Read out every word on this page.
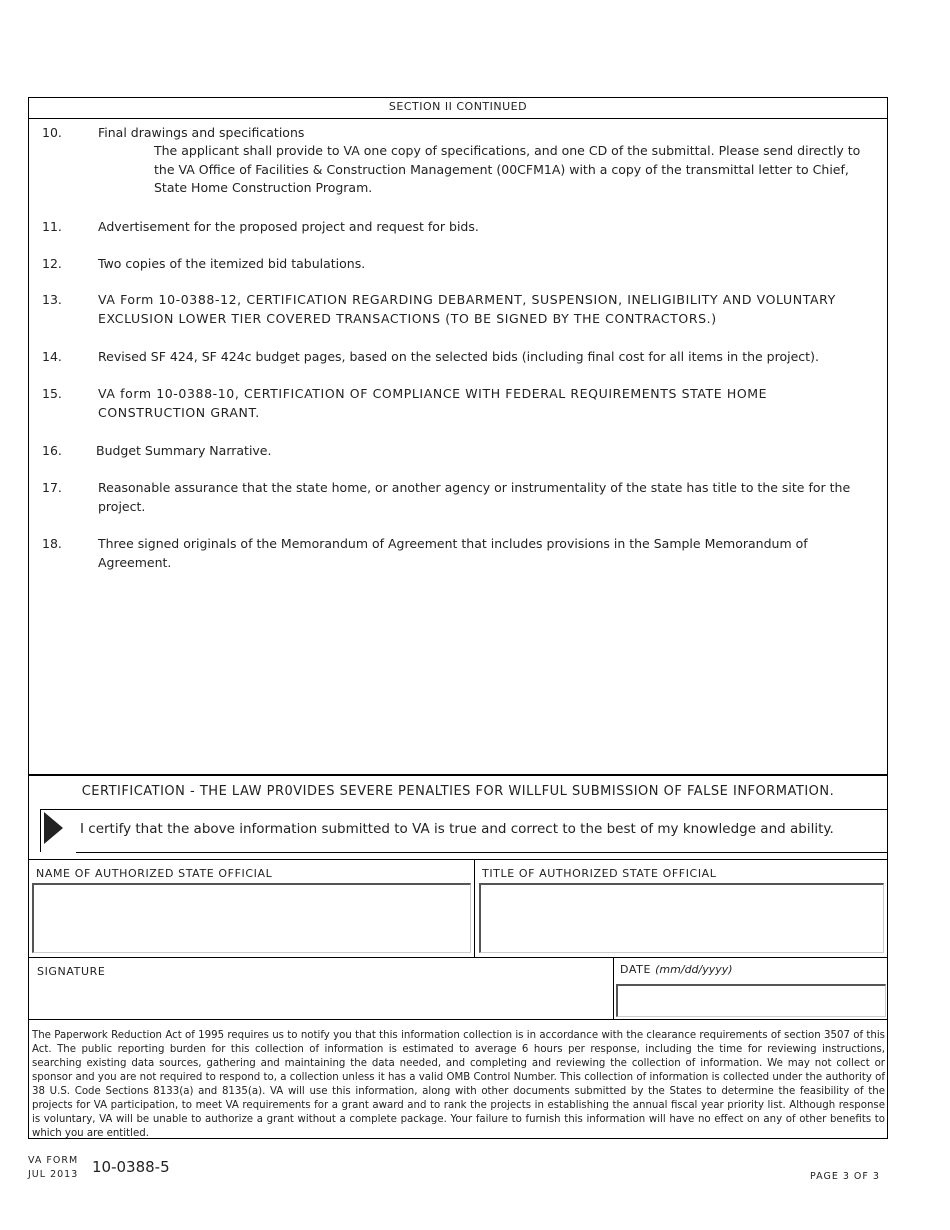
SECTION II CONTINUED
10.	Final drawings and specifications
The applicant shall provide to VA one copy of specifications, and one CD of the submittal. Please send directly to
the VA Office of Facilities & Construction Management (00CFM1A) with a copy of the transmittal letter to Chief,
State Home Construction Program.
11.	Advertisement for the proposed project and request for bids.
12.	Two copies of the itemized bid tabulations.
13.	VA Form 10-0388-12, CERTIFICATION REGARDING DEBARMENT, SUSPENSION, INELIGIBILITY AND VOLUNTARY
EXCLUSION LOWER TIER COVERED TRANSACTIONS (TO BE SIGNED BY THE CONTRACTORS.)
14.	Revised SF 424, SF 424c budget pages, based on the selected bids (including final cost for all items in the project).
15.	VA form 10-0388-10, CERTIFICATION OF COMPLIANCE WITH FEDERAL REQUIREMENTS STATE HOME
CONSTRUCTION GRANT.
16.	Budget Summary Narrative.
17.	Reasonable assurance that the state home, or another agency or instrumentality of the state has title to the site for the
project.
18.	Three signed originals of the Memorandum of Agreement that includes provisions in the Sample Memorandum of Agreement.
CERTIFICATION - THE LAW PR0VIDES SEVERE PENALTIES FOR WILLFUL SUBMISSION OF FALSE INFORMATION.
I certify that the above information submitted to VA is true and correct to the best of my knowledge and ability.
NAME OF AUTHORIZED STATE OFFICIAL	TITLE OF AUTHORIZED STATE OFFICIAL
SIGNATURE	DATE (mm/dd/yyyy)
The Paperwork Reduction Act of 1995 requires us to notify you that this information collection is in accordance with the clearance requirements of section 3507 of this Act. The public reporting burden for this collection of information is estimated to average 6 hours per response, including the time for reviewing instructions, searching existing data sources, gathering and maintaining the data needed, and completing and reviewing the collection of information. We may not collect or sponsor and you are not required to respond to, a collection unless it has a valid OMB Control Number. This collection of information is collected under the authority of 38 U.S. Code Sections 8133(a) and 8135(a). VA will use this information, along with other documents submitted by the States to determine the feasibility of the projects for VA participation, to meet VA requirements for a grant award and to rank the projects in establishing the annual fiscal year priority list. Although response is voluntary, VA will be unable to authorize a grant without a complete package. Your failure to furnish this information will have no effect on any of other benefits to which you are entitled.
VA FORM
JUL 2013 10-0388-5
PAGE 3 OF 3
